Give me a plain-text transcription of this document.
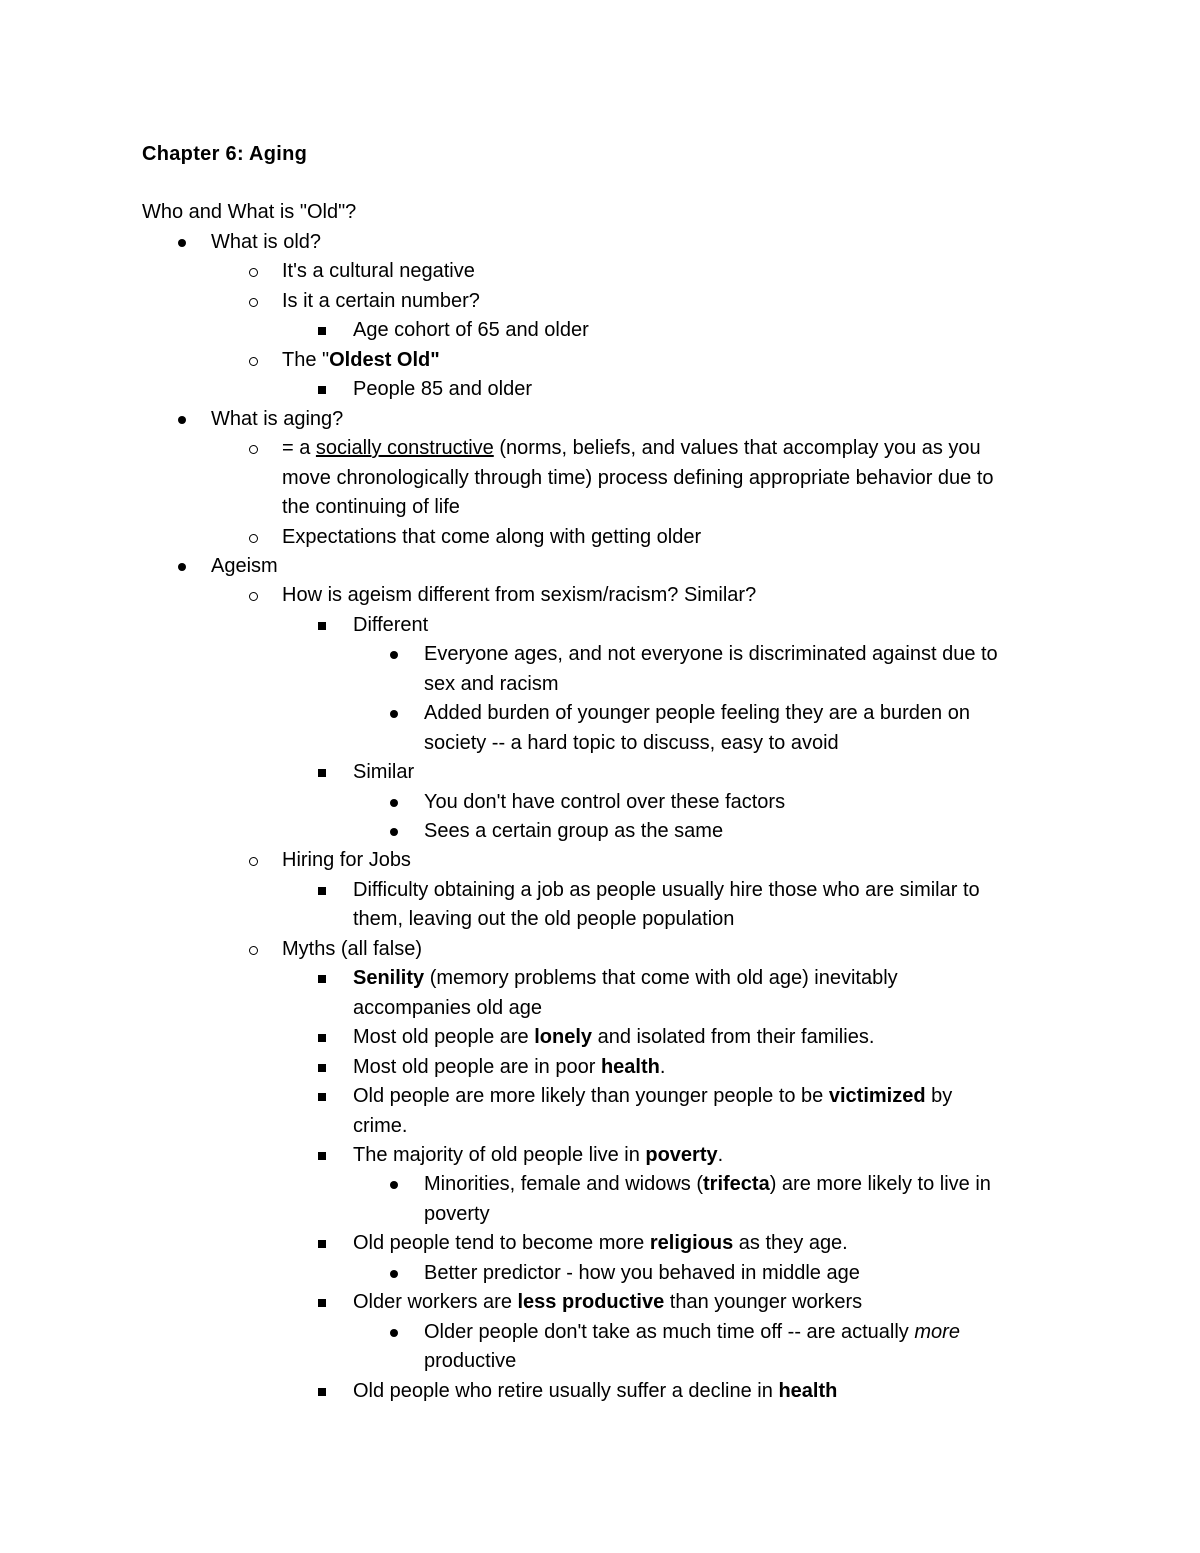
Chapter 6: Aging
Who and What is "Old"?
What is old?
It's a cultural negative
Is it a certain number?
Age cohort of 65 and older
The "Oldest Old"
People 85 and older
What is aging?
= a socially constructive (norms, beliefs, and values that accomplay you as you
move chronologically through time) process defining appropriate behavior due to
the continuing of life
Expectations that come along with getting older
Ageism
How is ageism different from sexism/racism? Similar?
Different
Everyone ages, and not everyone is discriminated against due to
sex and racism
Added burden of younger people feeling they are a burden on
society -- a hard topic to discuss, easy to avoid
Similar
You don't have control over these factors
Sees a certain group as the same
Hiring for Jobs
Difficulty obtaining a job as people usually hire those who are similar to
them, leaving out the old people population
Myths (all false)
Senility (memory problems that come with old age) inevitably
accompanies old age
Most old people are lonely and isolated from their families.
Most old people are in poor health.
Old people are more likely than younger people to be victimized by
crime.
The majority of old people live in poverty.
Minorities, female and widows (trifecta) are more likely to live in
poverty
Old people tend to become more religious as they age.
Better predictor - how you behaved in middle age
Older workers are less productive than younger workers
Older people don't take as much time off -- are actually more
productive
Old people who retire usually suffer a decline in health
